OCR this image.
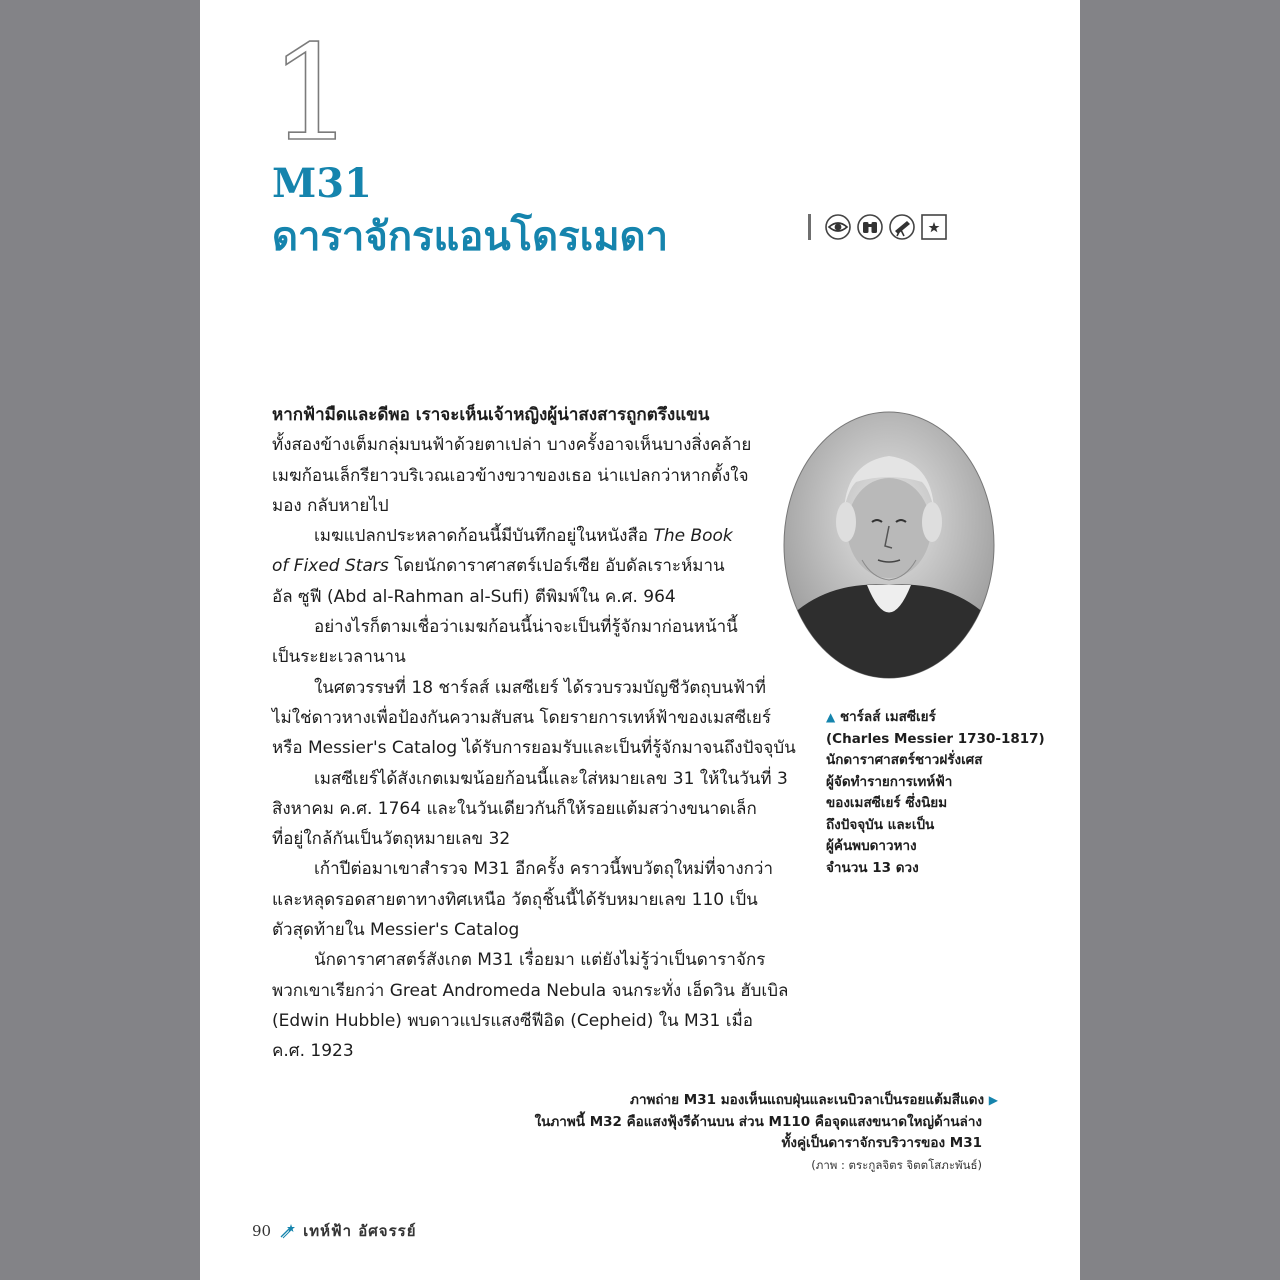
1
M31
ดาราจักรแอนโดรเมดา

หากฟ้ามืดและดีพอ เราจะเห็นเจ้าหญิงผู้น่าสงสารถูกตรึงแขน
ทั้งสองข้างเต็มกลุ่มบนฟ้าด้วยตาเปล่า บางครั้งอาจเห็นบางสิ่งคล้าย
เมฆก้อนเล็กรียาวบริเวณเอวข้างขวาของเธอ น่าแปลกว่าหากตั้งใจ
มอง กลับหายไป

เมฆแปลกประหลาดก้อนนี้มีบันทึกอยู่ในหนังสือ The Book
of Fixed Stars โดยนักดาราศาสตร์เปอร์เซีย อับดัลเราะห์มาน
อัล ซูฟี (Abd al-Rahman al-Sufi) ตีพิมพ์ใน ค.ศ. 964

อย่างไรก็ตามเชื่อว่าเมฆก้อนนี้น่าจะเป็นที่รู้จักมาก่อนหน้านี้
เป็นระยะเวลานาน

ในศตวรรษที่ 18 ชาร์ลส์ เมสซีเยร์ ได้รวบรวมบัญชีวัตถุบนฟ้าที่
ไม่ใช่ดาวหางเพื่อป้องกันความสับสน โดยรายการเทห์ฟ้าของเมสซีเยร์
หรือ Messier's Catalog ได้รับการยอมรับและเป็นที่รู้จักมาจนถึงปัจจุบัน

เมสซีเยร์ได้สังเกตเมฆน้อยก้อนนี้และใส่หมายเลข 31 ให้ในวันที่ 3
สิงหาคม ค.ศ. 1764 และในวันเดียวกันก็ให้รอยแต้มสว่างขนาดเล็ก
ที่อยู่ใกล้กันเป็นวัตถุหมายเลข 32

เก้าปีต่อมาเขาสำรวจ M31 อีกครั้ง คราวนี้พบวัตถุใหม่ที่จางกว่า
และหลุดรอดสายตาทางทิศเหนือ วัตถุชิ้นนี้ได้รับหมายเลข 110 เป็น
ตัวสุดท้ายใน Messier's Catalog

นักดาราศาสตร์สังเกต M31 เรื่อยมา แต่ยังไม่รู้ว่าเป็นดาราจักร
พวกเขาเรียกว่า Great Andromeda Nebula จนกระทั่ง เอ็ดวิน ฮับเบิล
(Edwin Hubble) พบดาวแปรแสงซีฟีอิด (Cepheid) ใน M31 เมื่อ
ค.ศ. 1923

▲ ชาร์ลส์ เมสซีเยร์
(Charles Messier 1730-1817)
นักดาราศาสตร์ชาวฝรั่งเศส
ผู้จัดทำรายการเทห์ฟ้า
ของเมสซีเยร์ ซึ่งนิยม
ถึงปัจจุบัน และเป็น
ผู้ค้นพบดาวหาง
จำนวน 13 ดวง
ภาพถ่าย M31 มองเห็นแถบฝุ่นและเนบิวลาเป็นรอยแต้มสีแดง ▶
ในภาพนี้ M32 คือแสงฟุ้งรีด้านบน ส่วน M110 คือจุดแสงขนาดใหญ่ด้านล่าง
ทั้งคู่เป็นดาราจักรบริวารของ M31
(ภาพ : ตระกูลจิตร จิตตโสภะพันธ์)
90 เทห์ฟ้า อัศจรรย์
